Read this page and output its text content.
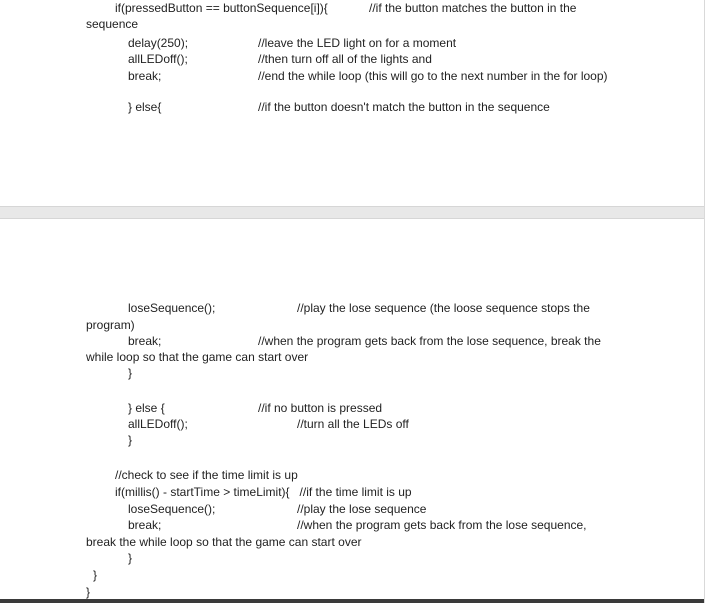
if(pressedButton == buttonSequence[i]){	//if the button matches the button in the
sequence
delay(250);	//leave the LED light on for a moment
allLEDoff();	//then turn off all of the lights and
break;	//end the while loop (this will go to the next number in the for loop)
} else{	//if the button doesn't match the button in the sequence
loseSequence();	//play the lose sequence (the loose sequence stops the
program)
break;	//when the program gets back from the lose sequence, break the
while loop so that the game can start over
}
} else {	//if no button is pressed
allLEDoff();	//turn all the LEDs off
}
//check to see if the time limit is up
if(millis() - startTime > timeLimit){   //if the time limit is up
loseSequence();	//play the lose sequence
break;	//when the program gets back from the lose sequence,
break the while loop so that the game can start over
}
}
}
